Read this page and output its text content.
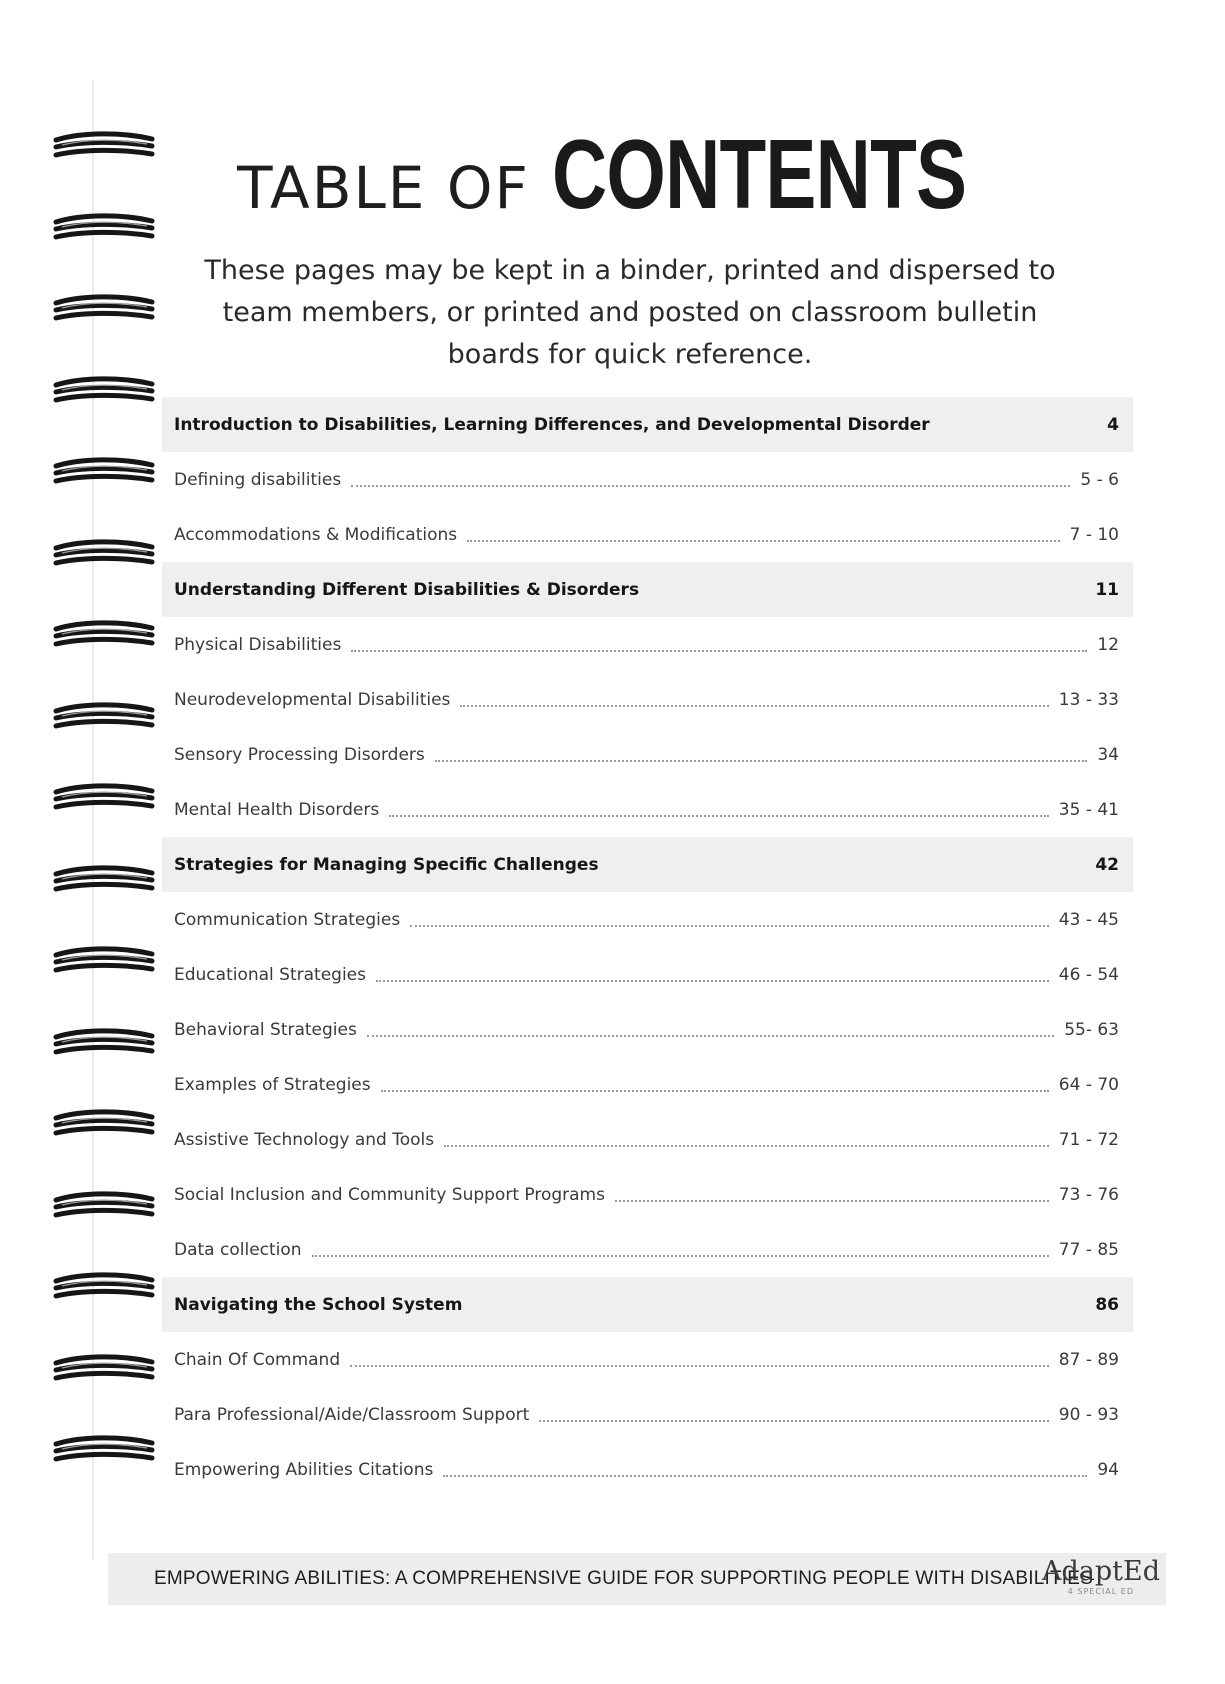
TABLE OF CONTENTS
These pages may be kept in a binder, printed and dispersed to team members, or printed and posted on classroom bulletin boards for quick reference.
Introduction to Disabilities, Learning Differences, and Developmental Disorder	4
Defining disabilities	5 - 6
Accommodations & Modifications	7 - 10
Understanding Different Disabilities & Disorders	11
Physical Disabilities	12
Neurodevelopmental Disabilities	13 - 33
Sensory Processing Disorders	34
Mental Health Disorders	35 - 41
Strategies for Managing Specific Challenges	42
Communication Strategies	43 - 45
Educational Strategies	46 - 54
Behavioral Strategies	55- 63
Examples of Strategies	64 - 70
Assistive Technology and Tools	71 - 72
Social Inclusion and Community Support Programs	73 - 76
Data collection	77 - 85
Navigating the School System	86
Chain Of Command	87 - 89
Para Professional/Aide/Classroom Support	90 - 93
Empowering Abilities Citations	94
EMPOWERING ABILITIES: A COMPREHENSIVE GUIDE FOR SUPPORTING PEOPLE WITH DISABILITIES
AdaptEd
4 SPECIAL ED
